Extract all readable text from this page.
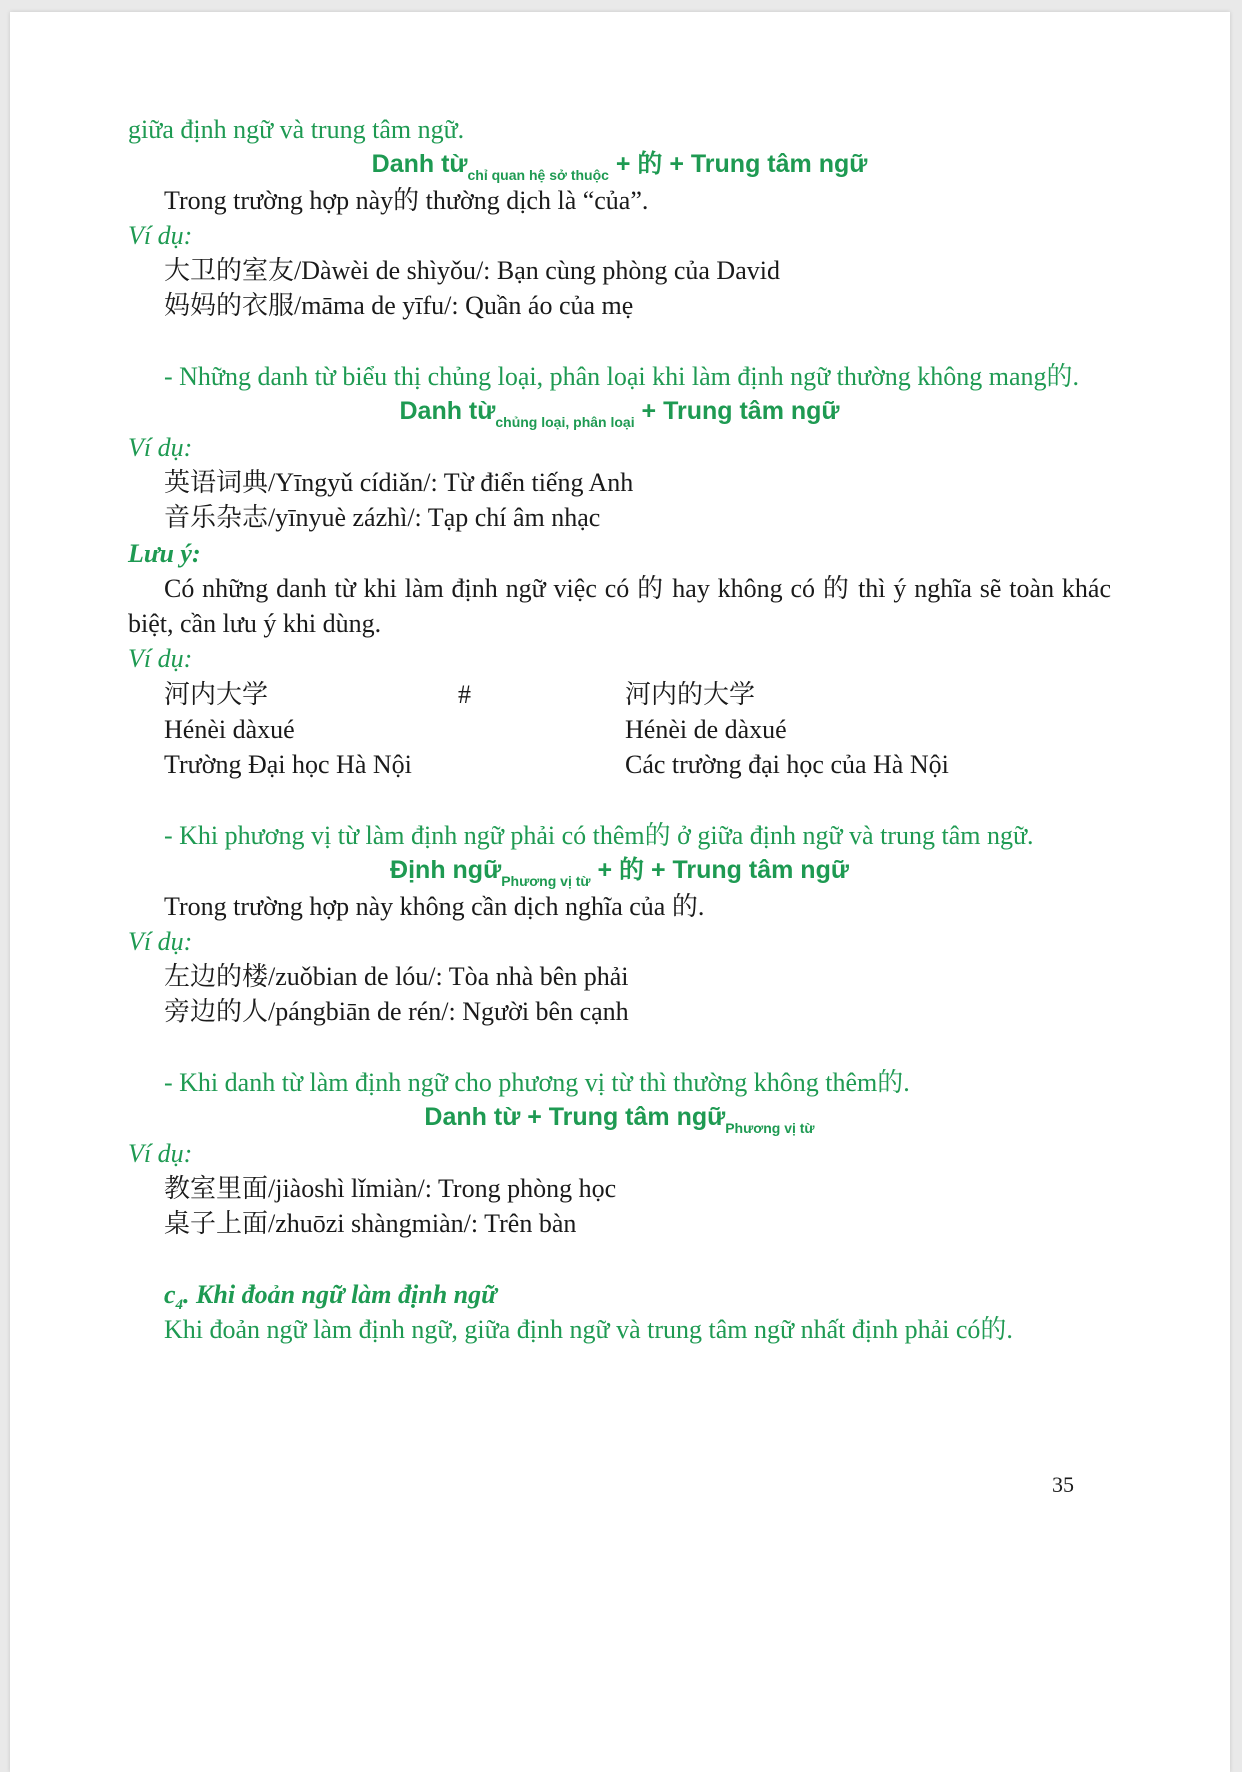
giữa định ngữ và trung tâm ngữ.
Danh từ$_{chỉ quan hệ sở thuộc}$ + 的 + Trung tâm ngữ
Trong trường hợp này的 thường dịch là “của”.
Ví dụ:
大卫的室友/Dàwèi de shìyǒu/: Bạn cùng phòng của David
妈妈的衣服/māma de yīfu/: Quần áo của mẹ
- Những danh từ biểu thị chủng loại, phân loại khi làm định ngữ thường không mang的.
Danh từ$_{chủng loại, phân loại}$ + Trung tâm ngữ
Ví dụ:
英语词典/Yīngyǔ cídiǎn/: Từ điển tiếng Anh
音乐杂志/yīnyuè zázhì/: Tạp chí âm nhạc
Lưu ý:
Có những danh từ khi làm định ngữ việc có 的 hay không có 的 thì ý nghĩa sẽ toàn khác biệt, cần lưu ý khi dùng.
Ví dụ:
河内大学	#	河内的大学
Hénèi dàxué	Hénèi de dàxué
Trường Đại học Hà Nội	Các trường đại học của Hà Nội
- Khi phương vị từ làm định ngữ phải có thêm的 ở giữa định ngữ và trung tâm ngữ.
Định ngữ$_{Phương vị từ}$ + 的 + Trung tâm ngữ
Trong trường hợp này không cần dịch nghĩa của 的.
Ví dụ:
左边的楼/zuǒbian de lóu/: Tòa nhà bên phải
旁边的人/pángbiān de rén/: Người bên cạnh
- Khi danh từ làm định ngữ cho phương vị từ thì thường không thêm的.
Danh từ + Trung tâm ngữ$_{Phương vị từ}$
Ví dụ:
教室里面/jiàoshì lǐmiàn/: Trong phòng học
桌子上面/zhuōzi shàngmiàn/: Trên bàn
$c_4$. Khi đoản ngữ làm định ngữ
Khi đoản ngữ làm định ngữ, giữa định ngữ và trung tâm ngữ nhất định phải có的.
35
